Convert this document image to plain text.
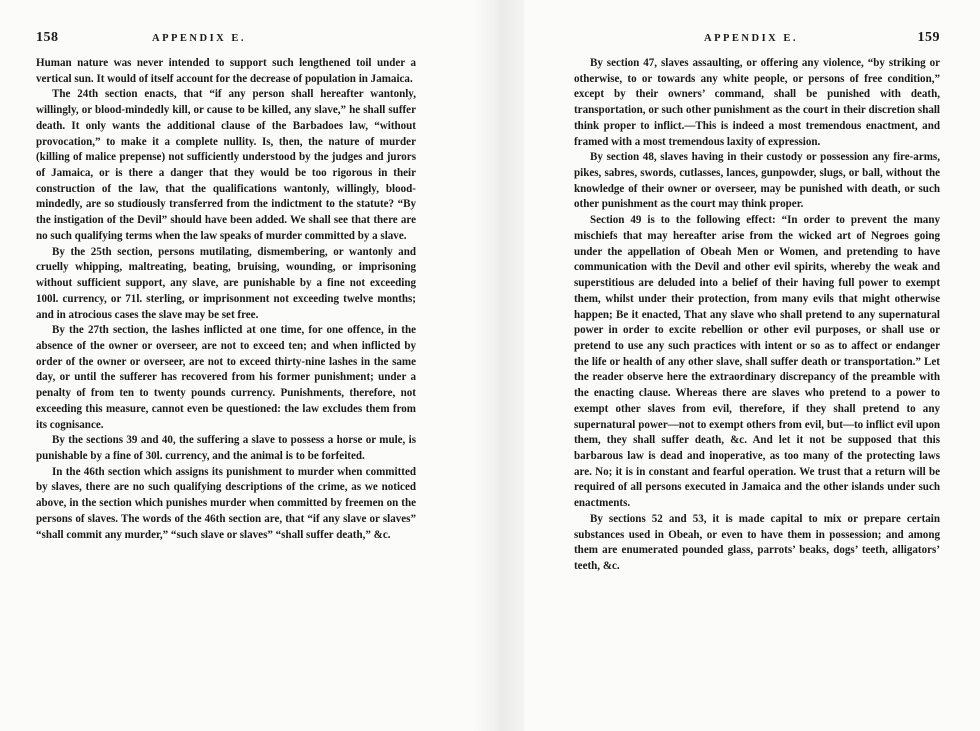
158	APPENDIX E.

Human nature was never intended to support such lengthened toil under a vertical sun. It would of itself account for the decrease of population in Jamaica.

The 24th section enacts, that “if any person shall hereafter wantonly, willingly, or blood-mindedly kill, or cause to be killed, any slave,” he shall suffer death. It only wants the additional clause of the Barbadoes law, “without provocation,” to make it a complete nullity. Is, then, the nature of murder (killing of malice prepense) not sufficiently understood by the judges and jurors of Jamaica, or is there a danger that they would be too rigorous in their construction of the law, that the qualifications wantonly, willingly, blood-mindedly, are so studiously transferred from the indictment to the statute? “By the instigation of the Devil” should have been added. We shall see that there are no such qualifying terms when the law speaks of murder committed by a slave.

By the 25th section, persons mutilating, dismembering, or wantonly and cruelly whipping, maltreating, beating, bruising, wounding, or imprisoning without sufficient support, any slave, are punishable by a fine not exceeding 100l. currency, or 71l. sterling, or imprisonment not exceeding twelve months; and in atrocious cases the slave may be set free.

By the 27th section, the lashes inflicted at one time, for one offence, in the absence of the owner or overseer, are not to exceed ten; and when inflicted by order of the owner or overseer, are not to exceed thirty-nine lashes in the same day, or until the sufferer has recovered from his former punishment; under a penalty of from ten to twenty pounds currency. Punishments, therefore, not exceeding this measure, cannot even be questioned: the law excludes them from its cognisance.

By the sections 39 and 40, the suffering a slave to possess a horse or mule, is punishable by a fine of 30l. currency, and the animal is to be forfeited.

In the 46th section which assigns its punishment to murder when committed by slaves, there are no such qualifying descriptions of the crime, as we noticed above, in the section which punishes murder when committed by freemen on the persons of slaves. The words of the 46th section are, that “if any slave or slaves” “shall commit any murder,” “such slave or slaves” “shall suffer death,” &c.

APPENDIX E.	159

By section 47, slaves assaulting, or offering any violence, “by striking or otherwise, to or towards any white people, or persons of free condition,” except by their owners’ command, shall be punished with death, transportation, or such other punishment as the court in their discretion shall think proper to inflict.—This is indeed a most tremendous enactment, and framed with a most tremendous laxity of expression.

By section 48, slaves having in their custody or possession any fire-arms, pikes, sabres, swords, cutlasses, lances, gunpowder, slugs, or ball, without the knowledge of their owner or overseer, may be punished with death, or such other punishment as the court may think proper.

Section 49 is to the following effect: “In order to prevent the many mischiefs that may hereafter arise from the wicked art of Negroes going under the appellation of Obeah Men or Women, and pretending to have communication with the Devil and other evil spirits, whereby the weak and superstitious are deluded into a belief of their having full power to exempt them, whilst under their protection, from many evils that might otherwise happen; Be it enacted, That any slave who shall pretend to any supernatural power in order to excite rebellion or other evil purposes, or shall use or pretend to use any such practices with intent or so as to affect or endanger the life or health of any other slave, shall suffer death or transportation.” Let the reader observe here the extraordinary discrepancy of the preamble with the enacting clause. Whereas there are slaves who pretend to a power to exempt other slaves from evil, therefore, if they shall pretend to any supernatural power—not to exempt others from evil, but—to inflict evil upon them, they shall suffer death, &c. And let it not be supposed that this barbarous law is dead and inoperative, as too many of the protecting laws are. No; it is in constant and fearful operation. We trust that a return will be required of all persons executed in Jamaica and the other islands under such enactments.

By sections 52 and 53, it is made capital to mix or prepare certain substances used in Obeah, or even to have them in possession; and among them are enumerated pounded glass, parrots’ beaks, dogs’ teeth, alligators’ teeth, &c.
